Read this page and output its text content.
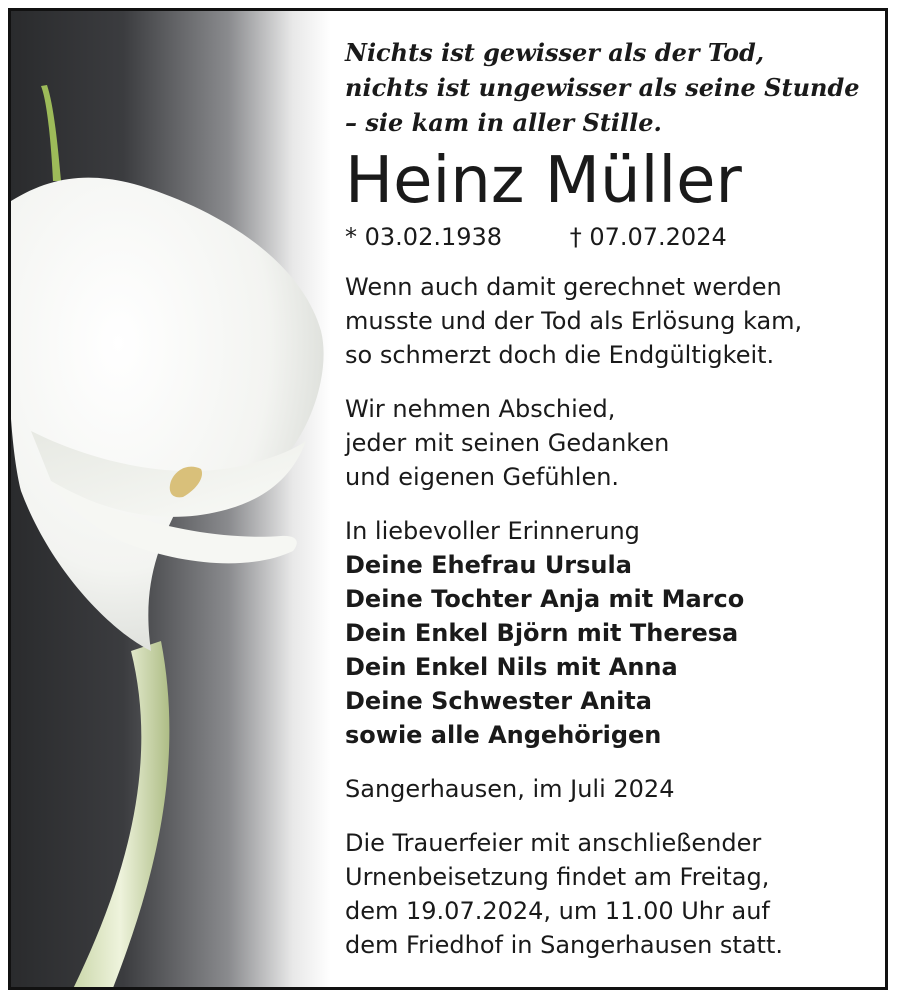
Nichts ist gewisser als der Tod,
nichts ist ungewisser als seine Stunde
– sie kam in aller Stille.
Heinz Müller
* 03.02.1938	† 07.07.2024
Wenn auch damit gerechnet werden
musste und der Tod als Erlösung kam,
so schmerzt doch die Endgültigkeit.
Wir nehmen Abschied,
jeder mit seinen Gedanken
und eigenen Gefühlen.
In liebevoller Erinnerung
Deine Ehefrau Ursula
Deine Tochter Anja mit Marco
Dein Enkel Björn mit Theresa
Dein Enkel Nils mit Anna
Deine Schwester Anita
sowie alle Angehörigen
Sangerhausen, im Juli 2024
Die Trauerfeier mit anschließender
Urnenbeisetzung findet am Freitag,
dem 19.07.2024, um 11.00 Uhr auf
dem Friedhof in Sangerhausen statt.
